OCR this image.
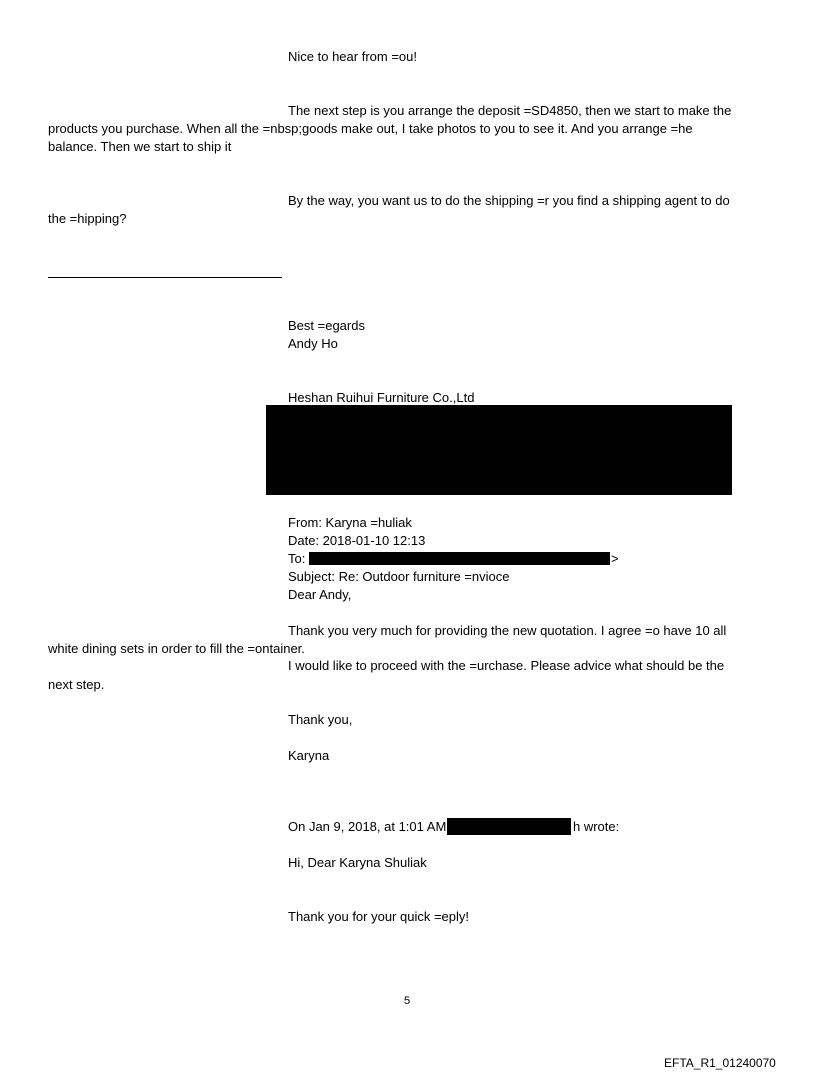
Nice to hear from =ou!
The next step is you arrange the deposit =SD4850, then we start to make the
products you purchase. When all the =nbsp;goods make out, I take photos to you to see it. And you arrange =he
balance. Then we start to ship it
By the way, you want us to do the shipping =r you find a shipping agent to do
the =hipping?
Best =egards
Andy Ho
Heshan Ruihui Furniture Co.,Ltd
From: Karyna =huliak
Date: 2018-01-10 12:13
To:	>
Subject: Re: Outdoor furniture =nvioce
Dear Andy,
Thank you very much for providing the new quotation. I agree =o have 10 all
white dining sets in order to fill the =ontainer.
I would like to proceed with the =urchase. Please advice what should be the
next step.
Thank you,
Karyna
On Jan 9, 2018, at 1:01 AM	h wrote:
Hi, Dear Karyna Shuliak
Thank you for your quick =eply!
5
EFTA_R1_01240070
